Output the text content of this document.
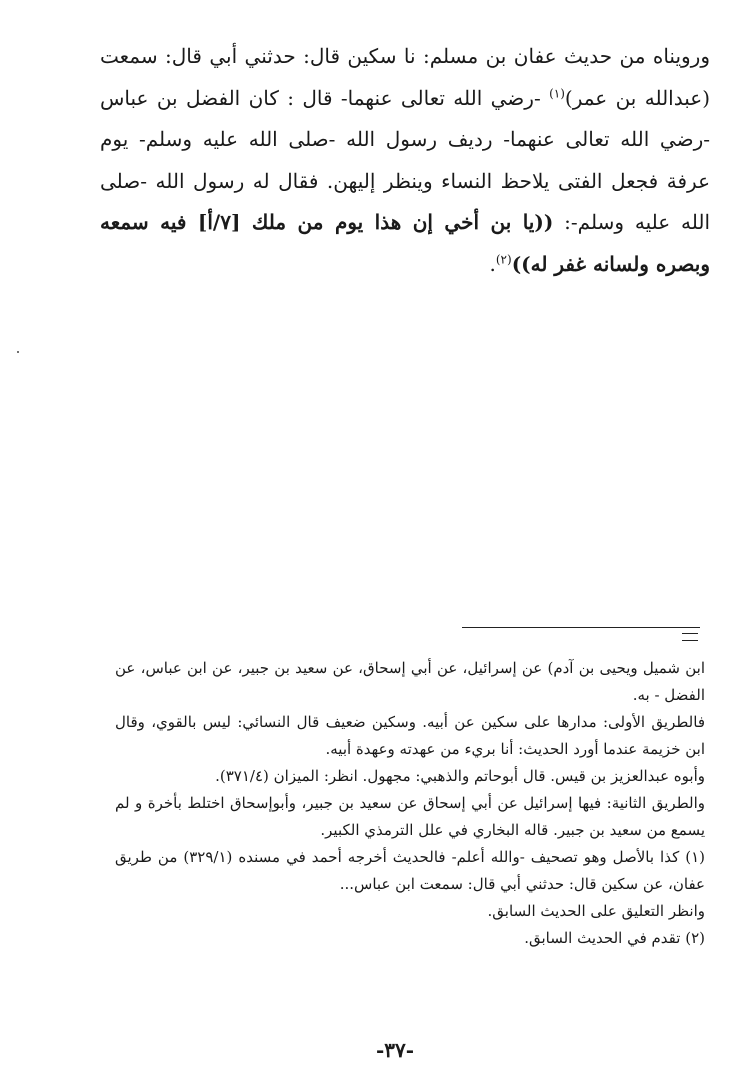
ورويناه من حديث عفان بن مسلم: نا سكين قال: حدثني أبي قال: سمعت (عبدالله بن عمر)$^{(١)}$ -رضي الله تعالى عنهما- قال : كان الفضل بن عباس -رضي الله تعالى عنهما- رديف رسول الله -صلى الله عليه وسلم- يوم عرفة فجعل الفتى يلاحظ النساء وينظر إليهن. فقال له رسول الله -صلى الله عليه وسلم-: ((يا بن أخي إن هذا يوم من ملك [٧/أ] فيه سمعه وبصره ولسانه غفر له))$^{(٢)}$.

ابن شميل ويحيى بن آدم) عن إسرائيل، عن أبي إسحاق، عن سعيد بن جبير، عن ابن عباس، عن الفضل - به.

فالطريق الأولى: مدارها على سكين عن أبيه. وسكين ضعيف قال النسائي: ليس بالقوي، وقال ابن خزيمة عندما أورد الحديث: أنا بريء من عهدته وعهدة أبيه.

وأبوه عبدالعزيز بن قيس. قال أبوحاتم والذهبي: مجهول. انظر: الميزان (٣٧١/٤).

والطريق الثانية: فيها إسرائيل عن أبي إسحاق عن سعيد بن جبير، وأبوإسحاق اختلط بأخرة و لم يسمع من سعيد بن جبير. قاله البخاري في علل الترمذي الكبير.

(١) كذا بالأصل وهو تصحيف -والله أعلم- فالحديث أخرجه أحمد في مسنده (٣٢٩/١) من طريق عفان، عن سكين قال: حدثني أبي قال: سمعت ابن عباس...

وانظر التعليق على الحديث السابق.

(٢) تقدم في الحديث السابق.

-٣٧-
